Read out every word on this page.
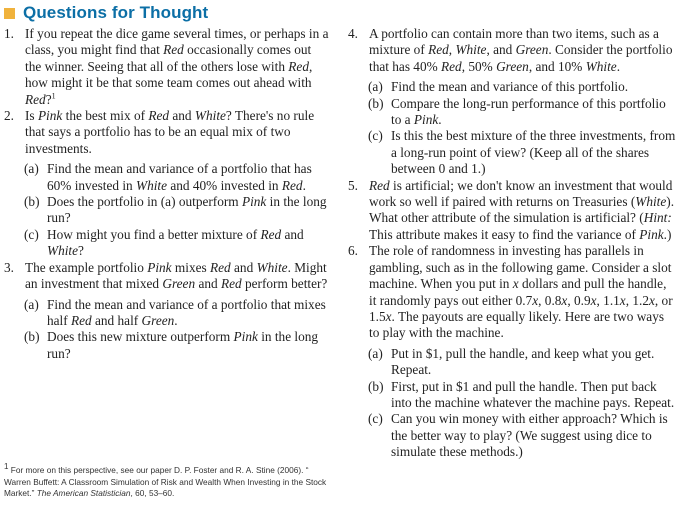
Questions for Thought
1. If you repeat the dice game several times, or perhaps in a class, you might find that Red occasionally comes out the winner. Seeing that all of the others lose with Red, how might it be that some team comes out ahead with Red?$^1$
2. Is Pink the best mix of Red and White? There's no rule that says a portfolio has to be an equal mix of two investments.
(a) Find the mean and variance of a portfolio that has 60% invested in White and 40% invested in Red.
(b) Does the portfolio in (a) outperform Pink in the long run?
(c) How might you find a better mixture of Red and White?
3. The example portfolio Pink mixes Red and White. Might an investment that mixed Green and Red perform better?
(a) Find the mean and variance of a portfolio that mixes half Red and half Green.
(b) Does this new mixture outperform Pink in the long run?
$^1$ For more on this perspective, see our paper D. P. Foster and R. A. Stine (2006). “ Warren Buffett: A Classroom Simulation of Risk and Wealth When Investing in the Stock Market.” The American Statistician, 60, 53–60.
4. A portfolio can contain more than two items, such as a mixture of Red, White, and Green. Consider the portfolio that has 40% Red, 50% Green, and 10% White.
(a) Find the mean and variance of this portfolio.
(b) Compare the long-run performance of this portfolio to a Pink.
(c) Is this the best mixture of the three investments, from a long-run point of view? (Keep all of the shares between 0 and 1.)
5. Red is artificial; we don't know an investment that would work so well if paired with returns on Treasuries (White). What other attribute of the simulation is artificial? (Hint: This attribute makes it easy to find the variance of Pink.)
6. The role of randomness in investing has parallels in gambling, such as in the following game. Consider a slot machine. When you put in x dollars and pull the handle, it randomly pays out either 0.7x, 0.8x, 0.9x, 1.1x, 1.2x, or 1.5x. The payouts are equally likely. Here are two ways to play with the machine.
(a) Put in $1, pull the handle, and keep what you get. Repeat.
(b) First, put in $1 and pull the handle. Then put back into the machine whatever the machine pays. Repeat.
(c) Can you win money with either approach? Which is the better way to play? (We suggest using dice to simulate these methods.)
